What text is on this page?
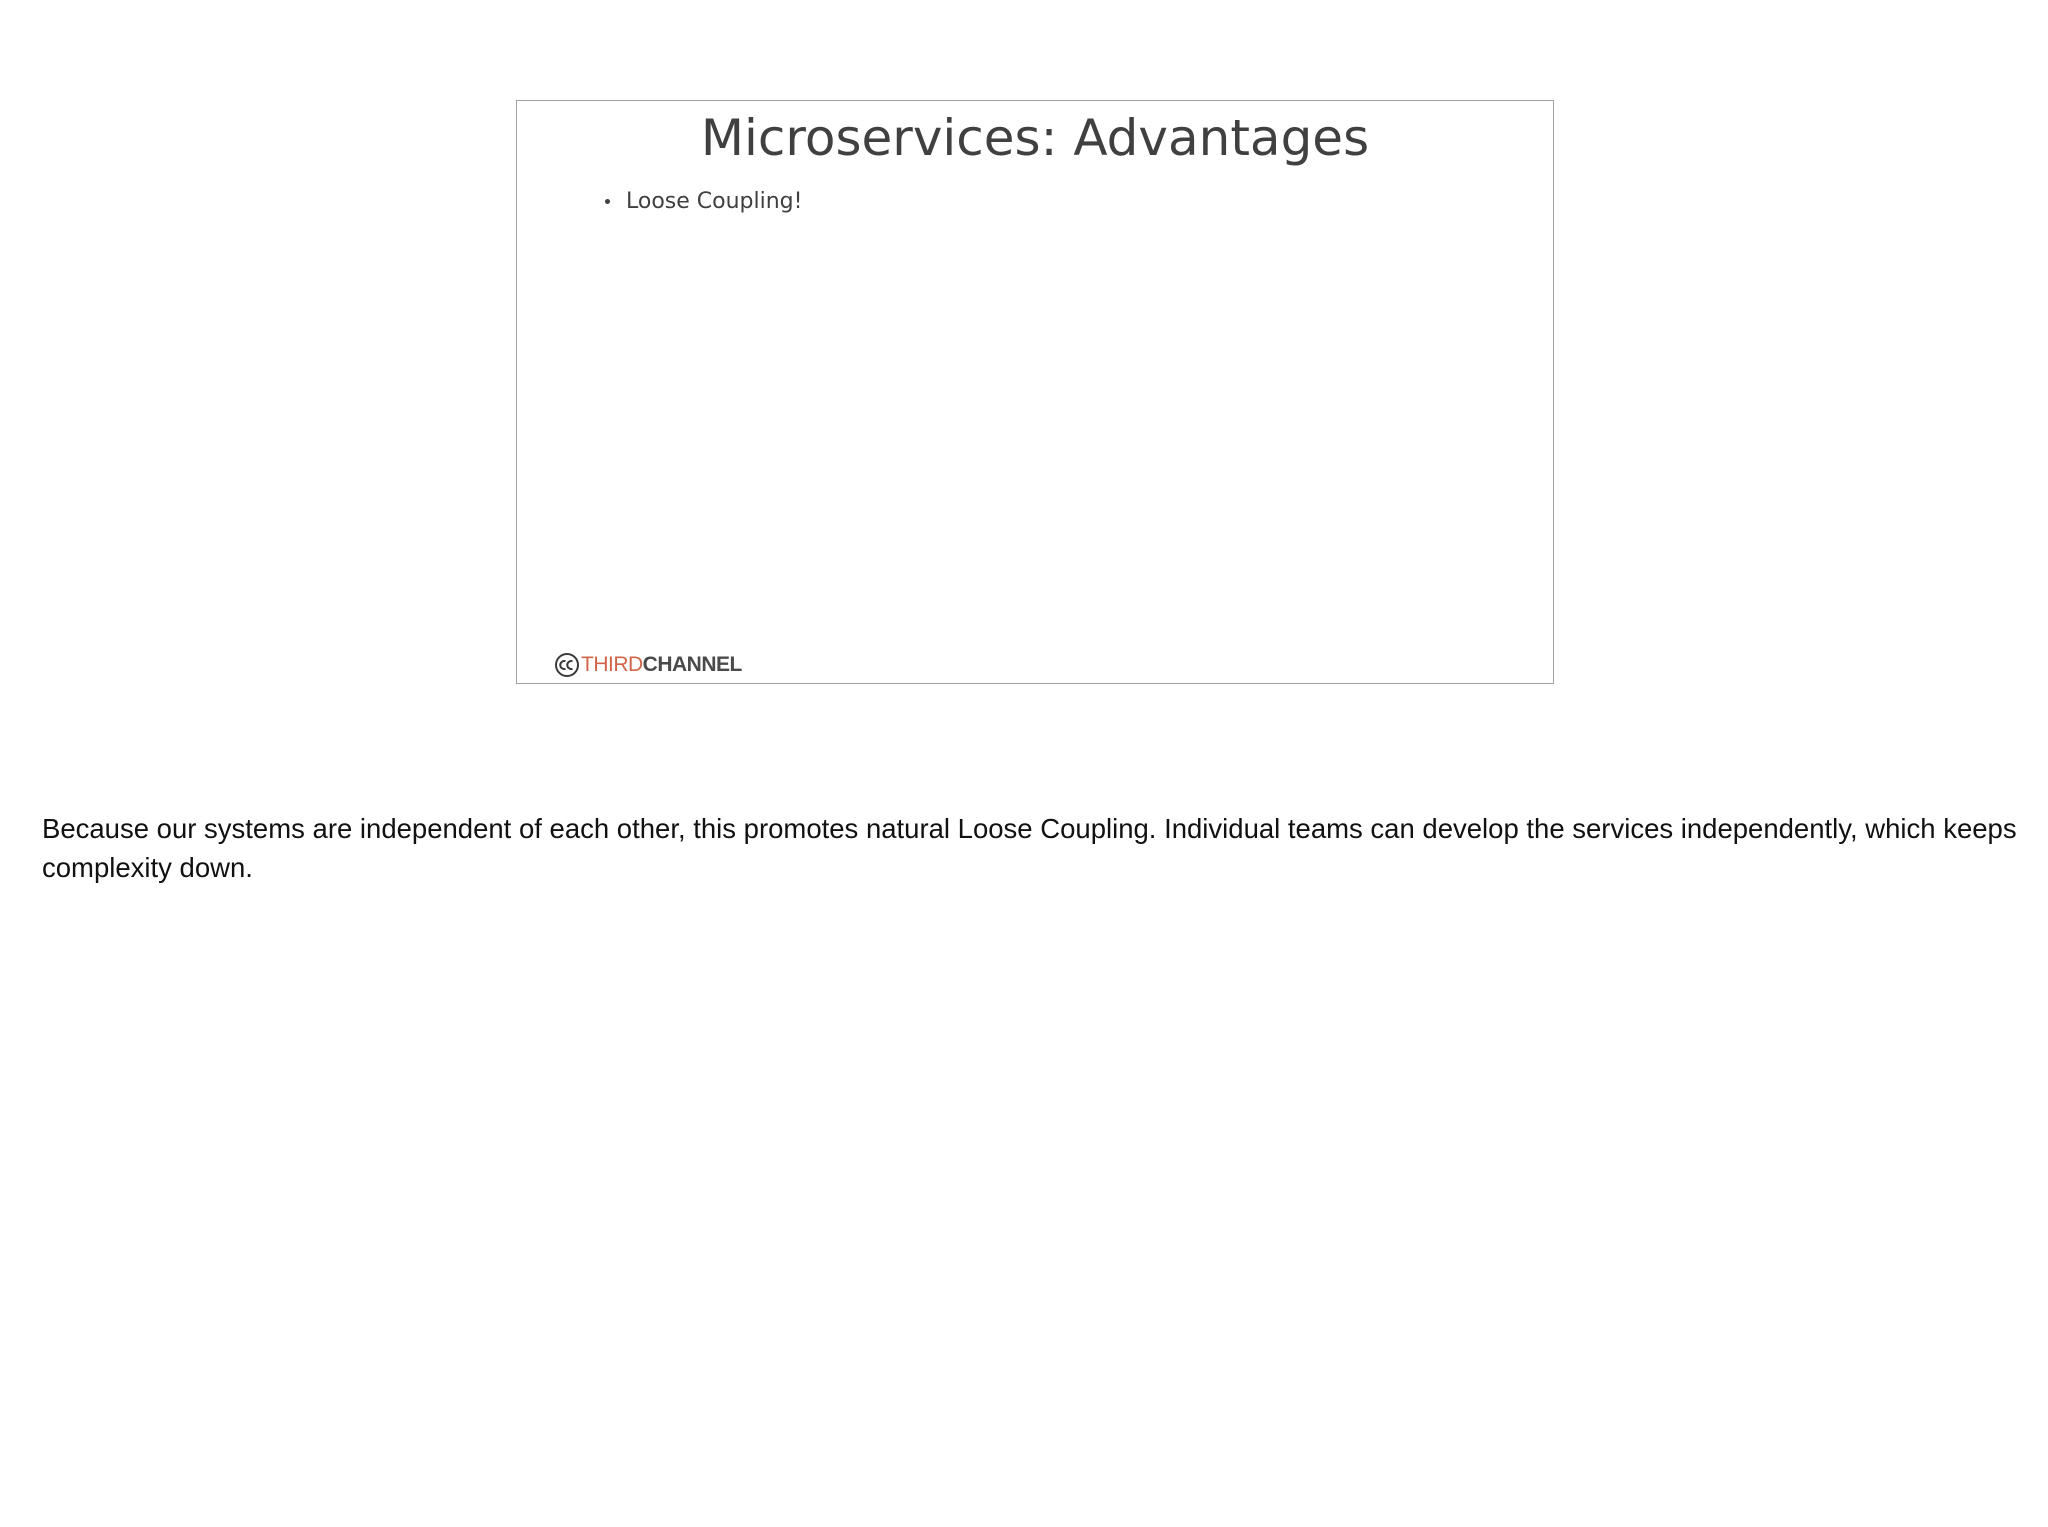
Microservices: Advantages
Loose Coupling!
THIRD CHANNEL

Because our systems are independent of each other, this promotes natural Loose Coupling. Individual teams can develop the services independently, which keeps complexity down.
